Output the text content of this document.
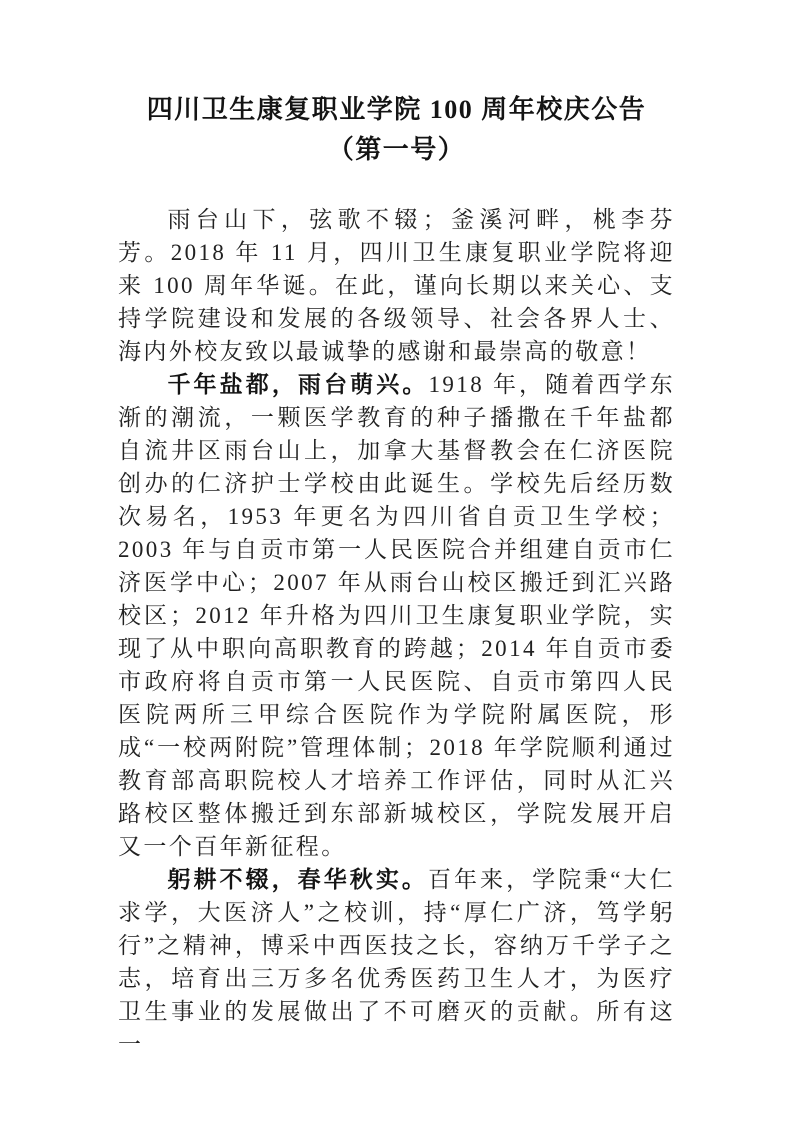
四川卫生康复职业学院 100 周年校庆公告
（第一号）

雨台山下，弦歌不辍；釜溪河畔，桃李芬芳。2018 年 11 月，四川卫生康复职业学院将迎来 100 周年华诞。在此，谨向长期以来关心、支持学院建设和发展的各级领导、社会各界人士、海内外校友致以最诚挚的感谢和最崇高的敬意！

千年盐都，雨台萌兴。1918 年，随着西学东渐的潮流，一颗医学教育的种子播撒在千年盐都自流井区雨台山上，加拿大基督教会在仁济医院创办的仁济护士学校由此诞生。学校先后经历数次易名，1953 年更名为四川省自贡卫生学校；2003 年与自贡市第一人民医院合并组建自贡市仁济医学中心；2007 年从雨台山校区搬迁到汇兴路校区；2012 年升格为四川卫生康复职业学院，实现了从中职向高职教育的跨越；2014 年自贡市委市政府将自贡市第一人民医院、自贡市第四人民医院两所三甲综合医院作为学院附属医院，形成“一校两附院”管理体制；2018 年学院顺利通过教育部高职院校人才培养工作评估，同时从汇兴路校区整体搬迁到东部新城校区，学院发展开启又一个百年新征程。

躬耕不辍，春华秋实。百年来，学院秉“大仁求学，大医济人”之校训，持“厚仁广济，笃学躬行”之精神，博采中西医技之长，容纳万千学子之志，培育出三万多名优秀医药卫生人才，为医疗卫生事业的发展做出了不可磨灭的贡献。所有这一
